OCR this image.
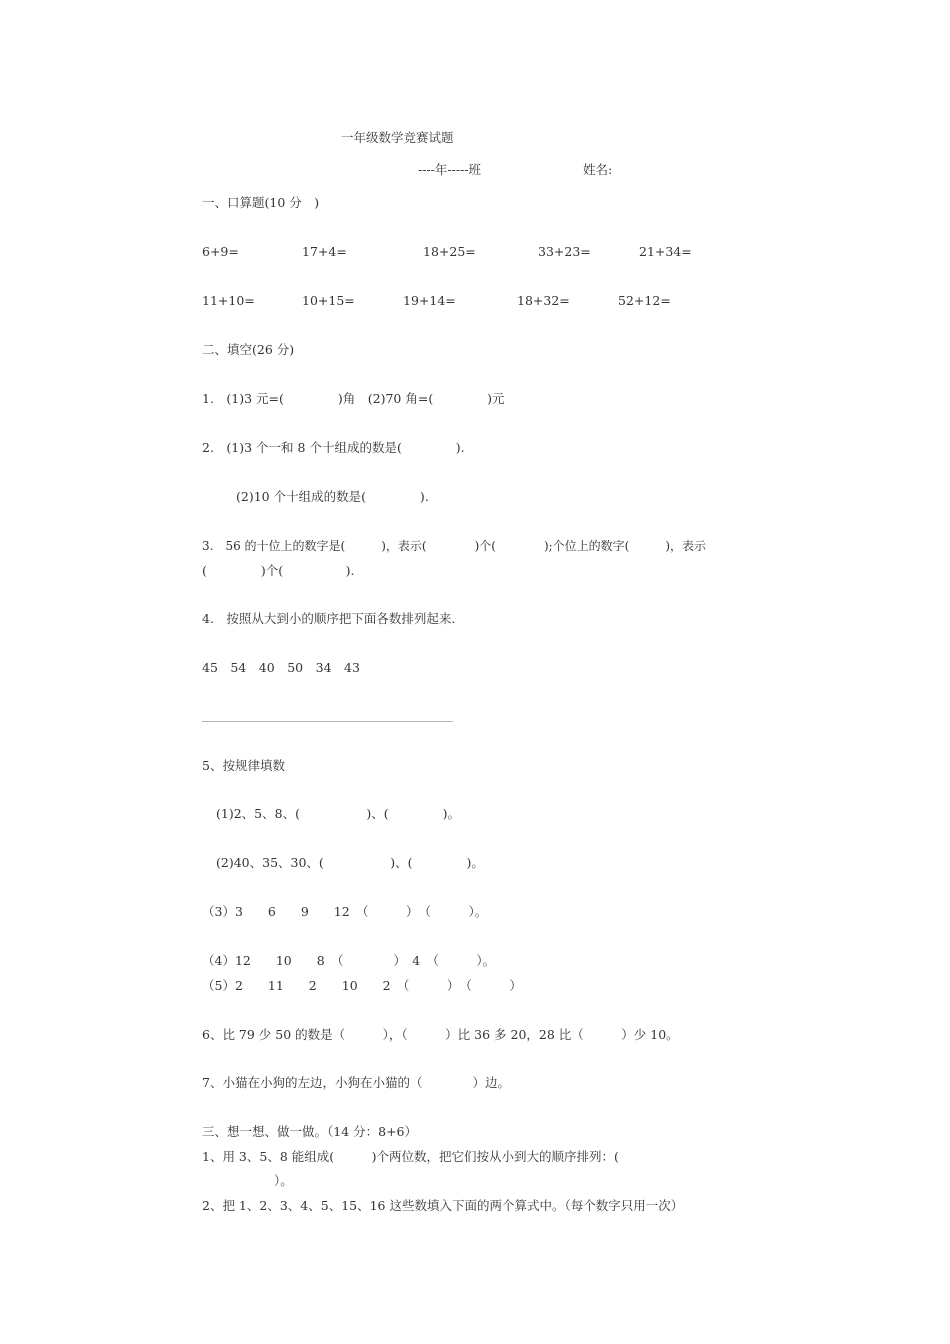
一年级数学竞赛试题
----年-----班	姓名:
一、口算题(10 分　)
6+9=	17+4=	18+25=	33+23=	21+34=
11+10=	10+15=	19+14=	18+32=	52+12=
二、填空(26 分)
1.　(1)3 元=(　　　　 )角　(2)70 角=(　　　　 )元
2.　(1)3 个一和 8 个十组成的数是(　　　　 ).
(2)10 个十组成的数是(　　　　 ).
3.　56 的十位上的数字是(　　　)，表示(　　　　)个(　　　　);个位上的数字(　　　)，表示
(　　　　 )个(　　　　　).
4.　按照从大到小的顺序把下面各数排列起来.
45　54　40　50　34　43
5、按规律填数
(1)2、5、8、(　　　　　 )、(　　　　 )。
(2)40、35、30、(　　　　　 )、(　　　　 )。
（3）3　　6　　9　　12　（　　　）　（　　　）。
（4）12　　10　　8　（　　　　）　4　（　　　）。
（5）2　　11　　2　　10　　2　（　　　）　（　　　）
6、比 79 少 50 的数是（　　　），（　　　）比 36 多 20，28 比（　　　）少 10。
7、小猫在小狗的左边，小狗在小猫的（　　　　）边。
三、想一想、做一做。（14 分：8+6）
1、用 3、5、8 能组成(　　　)个两位数，把它们按从小到大的顺序排列：(
）。
2、把 1、2、3、4、5、15、16 这些数填入下面的两个算式中。（每个数字只用一次）
